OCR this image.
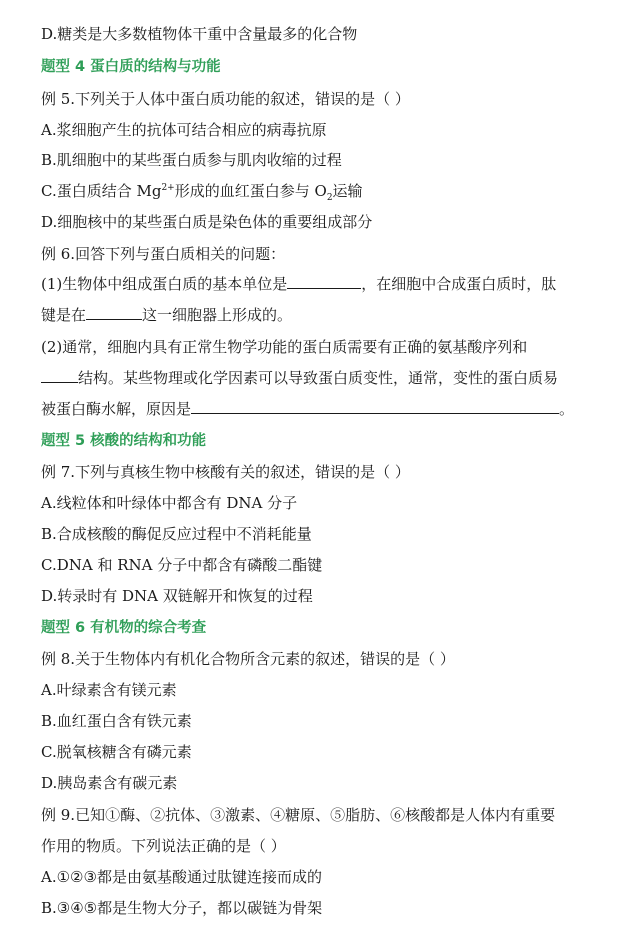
D.糖类是大多数植物体干重中含量最多的化合物
题型 4 蛋白质的结构与功能
例 5.下列关于人体中蛋白质功能的叙述，错误的是（ ）
A.浆细胞产生的抗体可结合相应的病毒抗原
B.肌细胞中的某些蛋白质参与肌肉收缩的过程
C.蛋白质结合 $Mg^{2+}$形成的血红蛋白参与 $O_2$运输
D.细胞核中的某些蛋白质是染色体的重要组成部分
例 6.回答下列与蛋白质相关的问题：
(1)生物体中组成蛋白质的基本单位是	，在细胞中合成蛋白质时，肽
键是在	这一细胞器上形成的。
(2)通常，细胞内具有正常生物学功能的蛋白质需要有正确的氨基酸序列和
结构。某些物理或化学因素可以导致蛋白质变性，通常，变性的蛋白质易
被蛋白酶水解，原因是	。
题型 5 核酸的结构和功能
例 7.下列与真核生物中核酸有关的叙述，错误的是（ ）
A.线粒体和叶绿体中都含有 DNA 分子
B.合成核酸的酶促反应过程中不消耗能量
C.DNA 和 RNA 分子中都含有磷酸二酯键
D.转录时有 DNA 双链解开和恢复的过程
题型 6 有机物的综合考查
例 8.关于生物体内有机化合物所含元素的叙述，错误的是（ ）
A.叶绿素含有镁元素
B.血红蛋白含有铁元素
C.脱氧核糖含有磷元素
D.胰岛素含有碳元素
例 9.已知①酶、②抗体、③激素、④糖原、⑤脂肪、⑥核酸都是人体内有重要
作用的物质。下列说法正确的是（ ）
A.①②③都是由氨基酸通过肽键连接而成的
B.③④⑤都是生物大分子，都以碳链为骨架
